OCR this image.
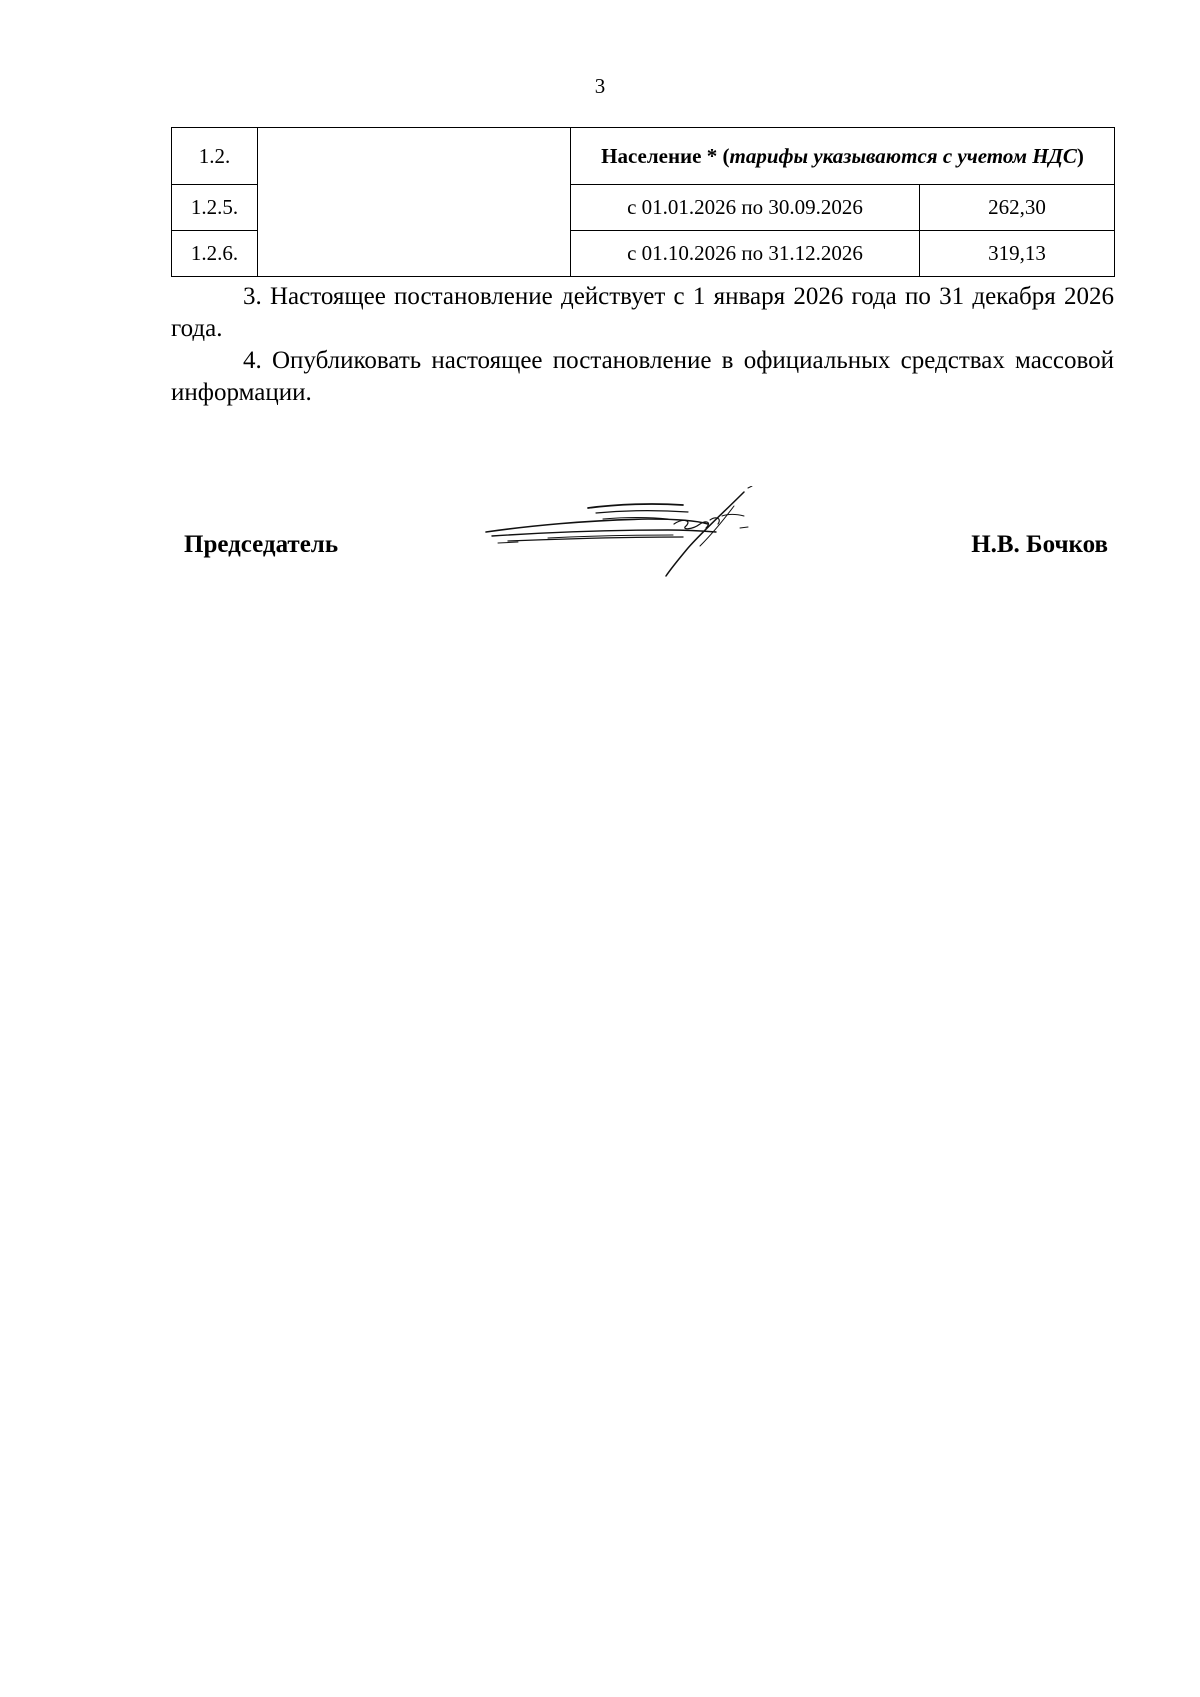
3
1.2.		Население * (тарифы указываются с учетом НДС)	
1.2.5.		с 01.01.2026 по 30.09.2026	262,30
1.2.6.		с 01.10.2026 по 31.12.2026	319,13

3. Настоящее постановление действует с 1 января 2026 года по 31 декабря 2026 года.

4. Опубликовать настоящее постановление в официальных средствах массовой информации.

Председатель	Н.В. Бочков
